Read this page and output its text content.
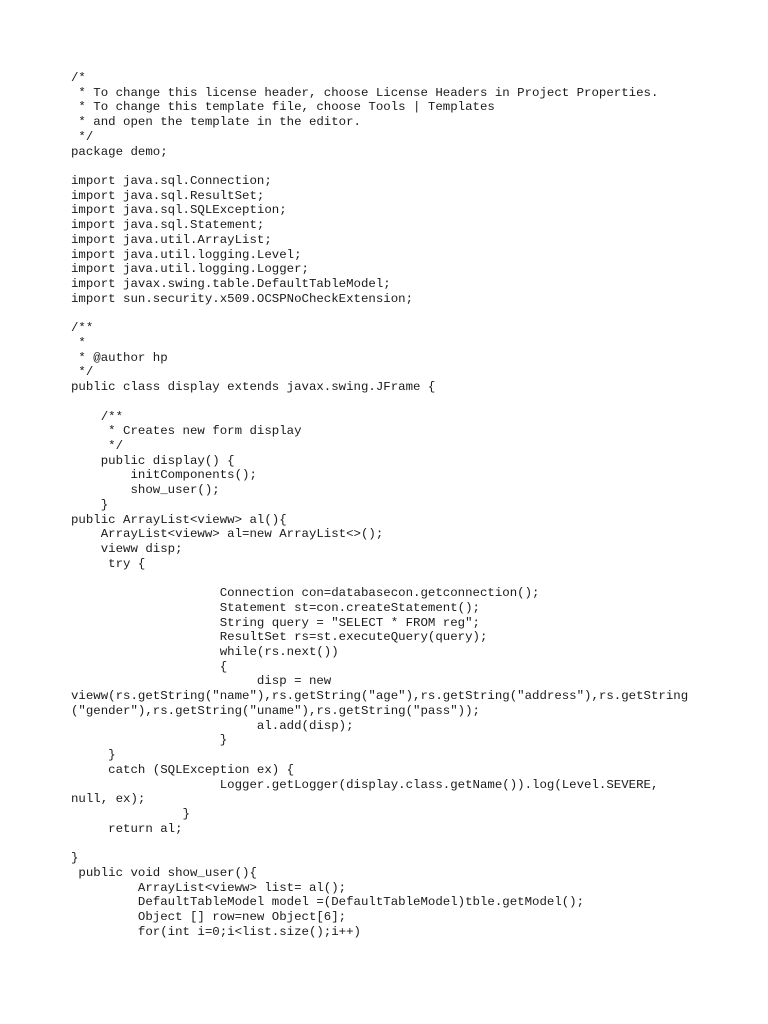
/*
* To change this license header, choose License Headers in Project Properties.
* To change this template file, choose Tools | Templates
* and open the template in the editor.
*/
package demo;
import java.sql.Connection;
import java.sql.ResultSet;
import java.sql.SQLException;
import java.sql.Statement;
import java.util.ArrayList;
import java.util.logging.Level;
import java.util.logging.Logger;
import javax.swing.table.DefaultTableModel;
import sun.security.x509.OCSPNoCheckExtension;
/**
*
* @author hp
*/
public class display extends javax.swing.JFrame {
/**
* Creates new form display
*/
public display() {
initComponents();
show_user();
}
public ArrayList<vieww> al(){
ArrayList<vieww> al=new ArrayList<>();
vieww disp;
try {
Connection con=databasecon.getconnection();
Statement st=con.createStatement();
String query = "SELECT * FROM reg";
ResultSet rs=st.executeQuery(query);
while(rs.next())
{
disp = new
vieww(rs.getString("name"),rs.getString("age"),rs.getString("address"),rs.getString
("gender"),rs.getString("uname"),rs.getString("pass"));
al.add(disp);
}
}
catch (SQLException ex) {
Logger.getLogger(display.class.getName()).log(Level.SEVERE,
null, ex);
}
return al;
}
public void show_user(){
ArrayList<vieww> list= al();
DefaultTableModel model =(DefaultTableModel)tble.getModel();
Object [] row=new Object[6];
for(int i=0;i<list.size();i++)
